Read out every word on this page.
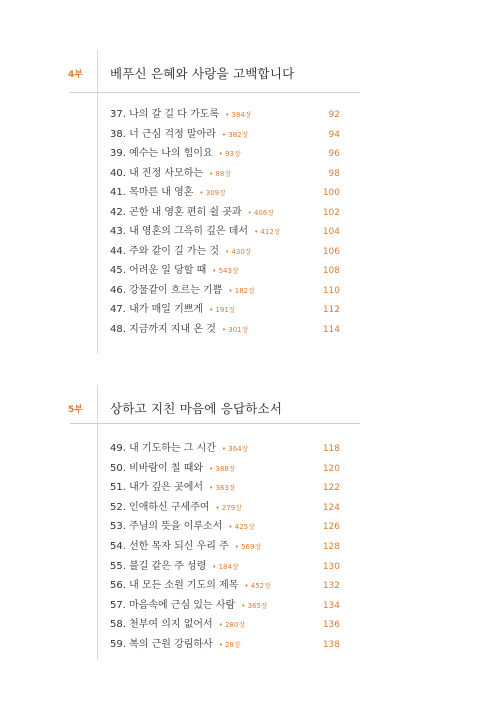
4부 베푸신 은혜와 사랑을 고백합니다
37. 나의 갈 길 다 가도록 • 384장	92
38. 너 근심 걱정 말아라 • 382장	94
39. 예수는 나의 힘이요 • 93장	96
40. 내 진정 사모하는 • 88장	98
41. 목마른 내 영혼 • 309장	100
42. 곤한 내 영혼 편히 쉴 곳과 • 406장	102
43. 내 영혼의 그윽히 깊은 데서 • 412장	104
44. 주와 같이 길 가는 것 • 430장	106
45. 어려운 일 당할 때 • 543장	108
46. 강물같이 흐르는 기쁨 • 182장	110
47. 내가 매일 기쁘게 • 191장	112
48. 지금까지 지내 온 것 • 301장	114
5부 상하고 지친 마음에 응답하소서
49. 내 기도하는 그 시간 • 364장	118
50. 비바람이 칠 때와 • 388장	120
51. 내가 깊은 곳에서 • 363장	122
52. 인애하신 구세주여 • 279장	124
53. 주님의 뜻을 이루소서 • 425장	126
54. 선한 목자 되신 우리 주 • 569장	128
55. 불길 같은 주 성령 • 184장	130
56. 내 모든 소원 기도의 제목 • 452장	132
57. 마음속에 근심 있는 사람 • 365장	134
58. 천부여 의지 없어서 • 280장	136
59. 복의 근원 강림하사 • 28장	138
